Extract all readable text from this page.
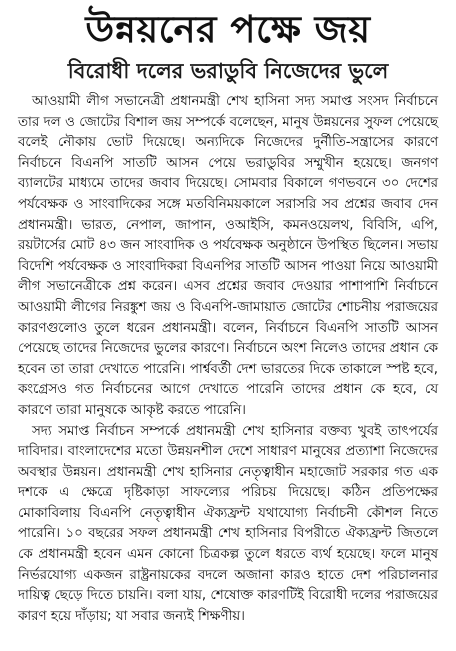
উন্নয়নের পক্ষে জয়
বিরোধী দলের ভরাডুবি নিজেদের ভুলে

আওয়ামী লীগ সভানেত্রী প্রধানমন্ত্রী শেখ হাসিনা সদ্য সমাপ্ত সংসদ নির্বাচনে তার দল ও জোটের বিশাল জয় সম্পর্কে বলেছেন, মানুষ উন্নয়নের সুফল পেয়েছে বলেই নৌকায় ভোট দিয়েছে। অন্যদিকে নিজেদের দুর্নীতি-সন্ত্রাসের কারণে নির্বাচনে বিএনপি সাতটি আসন পেয়ে ভরাডুবির সম্মুখীন হয়েছে। জনগণ ব্যালটের মাধ্যমে তাদের জবাব দিয়েছে। সোমবার বিকালে গণভবনে ৩০ দেশের পর্যবেক্ষক ও সাংবাদিকের সঙ্গে মতবিনিময়কালে সরাসরি সব প্রশ্নের জবাব দেন প্রধানমন্ত্রী। ভারত, নেপাল, জাপান, ওআইসি, কমনওয়েলথ, বিবিসি, এপি, রয়টার্সের মোট ৪৩ জন সাংবাদিক ও পর্যবেক্ষক অনুষ্ঠানে উপস্থিত ছিলেন। সভায় বিদেশি পর্যবেক্ষক ও সাংবাদিকরা বিএনপির সাতটি আসন পাওয়া নিয়ে আওয়ামী লীগ সভানেত্রীকে প্রশ্ন করেন। এসব প্রশ্নের জবাব দেওয়ার পাশাপাশি নির্বাচনে আওয়ামী লীগের নিরঙ্কুশ জয় ও বিএনপি-জামায়াত জোটের শোচনীয় পরাজয়ের কারণগুলোও তুলে ধরেন প্রধানমন্ত্রী। বলেন, নির্বাচনে বিএনপি সাতটি আসন পেয়েছে তাদের নিজেদের ভুলের কারণে। নির্বাচনে অংশ নিলেও তাদের প্রধান কে হবেন তা তারা দেখাতে পারেনি। পার্শ্ববর্তী দেশ ভারতের দিকে তাকালে স্পষ্ট হবে, কংগ্রেসও গত নির্বাচনের আগে দেখাতে পারেনি তাদের প্রধান কে হবে, যে কারণে তারা মানুষকে আকৃষ্ট করতে পারেনি।

সদ্য সমাপ্ত নির্বাচন সম্পর্কে প্রধানমন্ত্রী শেখ হাসিনার বক্তব্য খুবই তাৎপর্যের দাবিদার। বাংলাদেশের মতো উন্নয়নশীল দেশে সাধারণ মানুষের প্রত্যাশা নিজেদের অবস্থার উন্নয়ন। প্রধানমন্ত্রী শেখ হাসিনার নেতৃত্বাধীন মহাজোট সরকার গত এক দশকে এ ক্ষেত্রে দৃষ্টিকাড়া সাফল্যের পরিচয় দিয়েছে। কঠিন প্রতিপক্ষের মোকাবিলায় বিএনপি নেতৃত্বাধীন ঐক্যফ্রন্ট যথাযোগ্য নির্বাচনী কৌশল নিতে পারেনি। ১০ বছরের সফল প্রধানমন্ত্রী শেখ হাসিনার বিপরীতে ঐক্যফ্রন্ট জিতলে কে প্রধানমন্ত্রী হবেন এমন কোনো চিত্রকল্প তুলে ধরতে ব্যর্থ হয়েছে। ফলে মানুষ নির্ভরযোগ্য একজন রাষ্ট্রনায়কের বদলে অজানা কারও হাতে দেশ পরিচালনার দায়িত্ব ছেড়ে দিতে চায়নি। বলা যায়, শেষোক্ত কারণটিই বিরোধী দলের পরাজয়ের কারণ হয়ে দাঁড়ায়; যা সবার জন্যই শিক্ষণীয়।
